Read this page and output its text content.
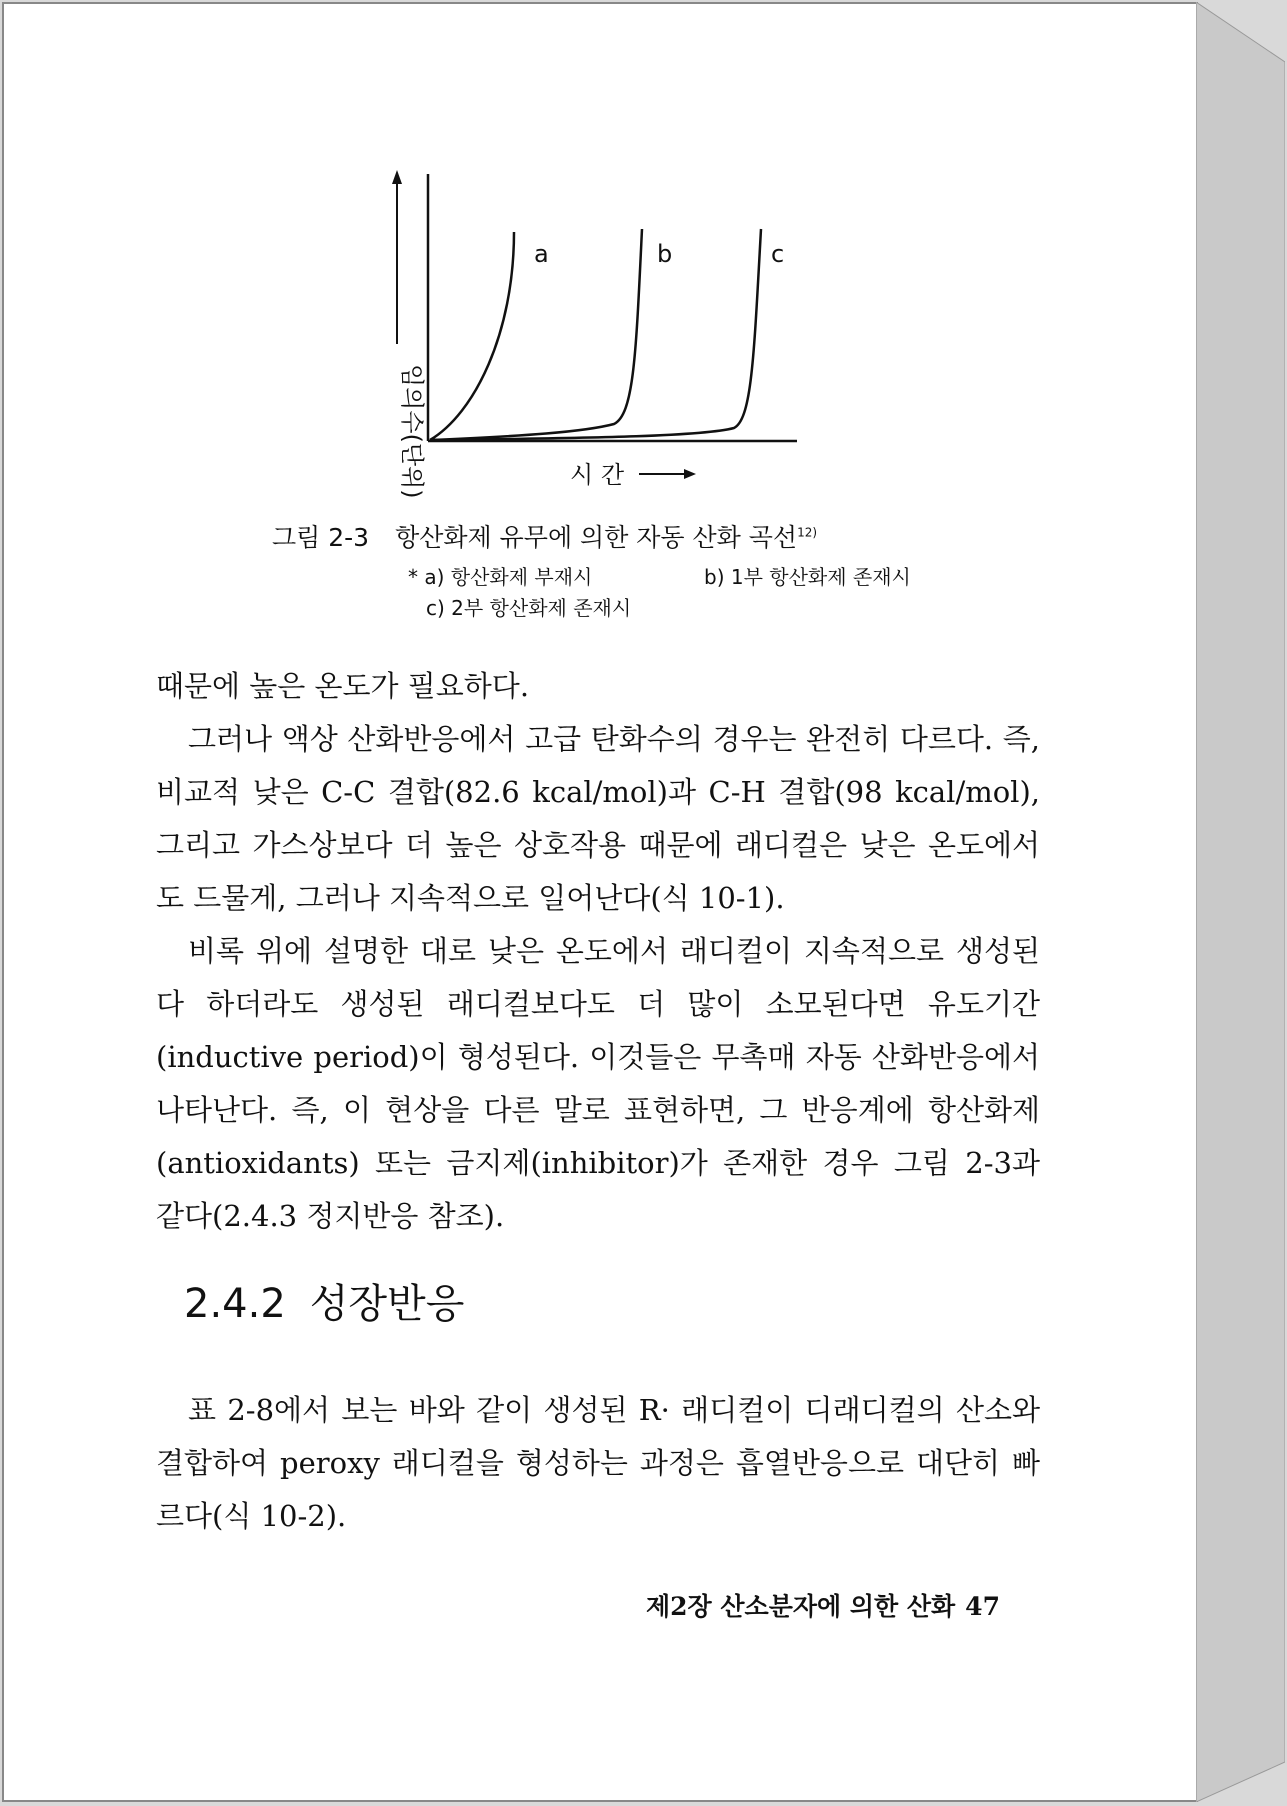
임의수(단위)	시 간
a	b	c
그림 2-3 항산화제 유무에 의한 자동 산화 곡선$^{12)}$
* a) 항산화제 부재시	b) 1부 항산화제 존재시
c) 2부 항산화제 존재시

때문에 높은 온도가 필요하다.

그러나 액상 산화반응에서 고급 탄화수의 경우는 완전히 다르다. 즉, 비교적 낮은 C-C 결합(82.6 kcal/mol)과 C-H 결합(98 kcal/mol), 그리고 가스상보다 더 높은 상호작용 때문에 래디컬은 낮은 온도에서도 드물게, 그러나 지속적으로 일어난다(식 10-1).

비록 위에 설명한 대로 낮은 온도에서 래디컬이 지속적으로 생성된다 하더라도 생성된 래디컬보다도 더 많이 소모된다면 유도기간 (inductive period)이 형성된다. 이것들은 무촉매 자동 산화반응에서 나타난다. 즉, 이 현상을 다른 말로 표현하면, 그 반응계에 항산화제(antioxidants) 또는 금지제(inhibitor)가 존재한 경우 그림 2-3과 같다(2.4.3 정지반응 참조).

2.4.2 성장반응

표 2-8에서 보는 바와 같이 생성된 R· 래디컬이 디래디컬의 산소와 결합하여 peroxy 래디컬을 형성하는 과정은 흡열반응으로 대단히 빠르다(식 10-2).

제2장 산소분자에 의한 산화 47
